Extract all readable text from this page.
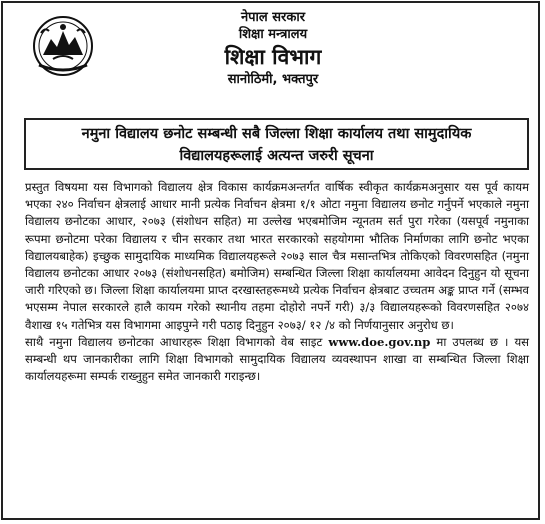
नेपाल सरकार
शिक्षा मन्त्रालय
शिक्षा विभाग
सानोठिमी, भक्तपुर
नमुना विद्यालय छनोट सम्बन्धी सबै जिल्ला शिक्षा कार्यालय तथा सामुदायिक
विद्यालयहरूलाई अत्यन्त जरुरी सूचना

प्रस्तुत विषयमा यस विभागको विद्यालय क्षेत्र विकास कार्यक्रमअन्तर्गत वार्षिक स्वीकृत कार्यक्रमअनुसार यस पूर्व कायम भएका २४० निर्वाचन क्षेत्रलाई आधार मानी प्रत्येक निर्वाचन क्षेत्रमा १/१ ओटा नमुना विद्यालय छनोट गर्नुपर्ने भएकाले नमुना विद्यालय छनोटका आधार, २०७३ (संशोधन सहित) मा उल्लेख भएबमोजिम न्यूनतम सर्त पुरा गरेका (यसपूर्व नमुनाका रूपमा छनोटमा परेका विद्यालय र चीन सरकार तथा भारत सरकारको सहयोगमा भौतिक निर्माणका लागि छनोट भएका विद्यालयबाहेक) इच्छुक सामुदायिक माध्यमिक विद्यालयहरूले २०७३ साल चैत्र मसान्तभित्र तोकिएको विवरणसहित (नमुना विद्यालय छनोटका आधार २०७३ (संशोधनसहित) बमोजिम) सम्बन्धित जिल्ला शिक्षा कार्यालयमा आवेदन दिनुहुन यो सूचना जारी गरिएको छ। जिल्ला शिक्षा कार्यालयमा प्राप्त दरखास्तहरूमध्ये प्रत्येक निर्वाचन क्षेत्रबाट उच्चतम अङ्क प्राप्त गर्ने (सम्भव भएसम्म नेपाल सरकारले हालै कायम गरेको स्थानीय तहमा दोहोरो नपर्ने गरी) ३/३ विद्यालयहरूको विवरणसहित २०७४ वैशाख १५ गतेभित्र यस विभागमा आइपुग्ने गरी पठाइ दिनुहुन २०७३/ १२ /४ को निर्णयानुसार अनुरोध छ।

साथै नमुना विद्यालय छनोटका आधारहरू शिक्षा विभागको वेब साइट www.doe.gov.np मा उपलब्ध छ । यस सम्बन्धी थप जानकारीका लागि शिक्षा विभागको सामुदायिक विद्यालय व्यवस्थापन शाखा वा सम्बन्धित जिल्ला शिक्षा कार्यालयहरूमा सम्पर्क राख्नुहुन समेत जानकारी गराइन्छ।
